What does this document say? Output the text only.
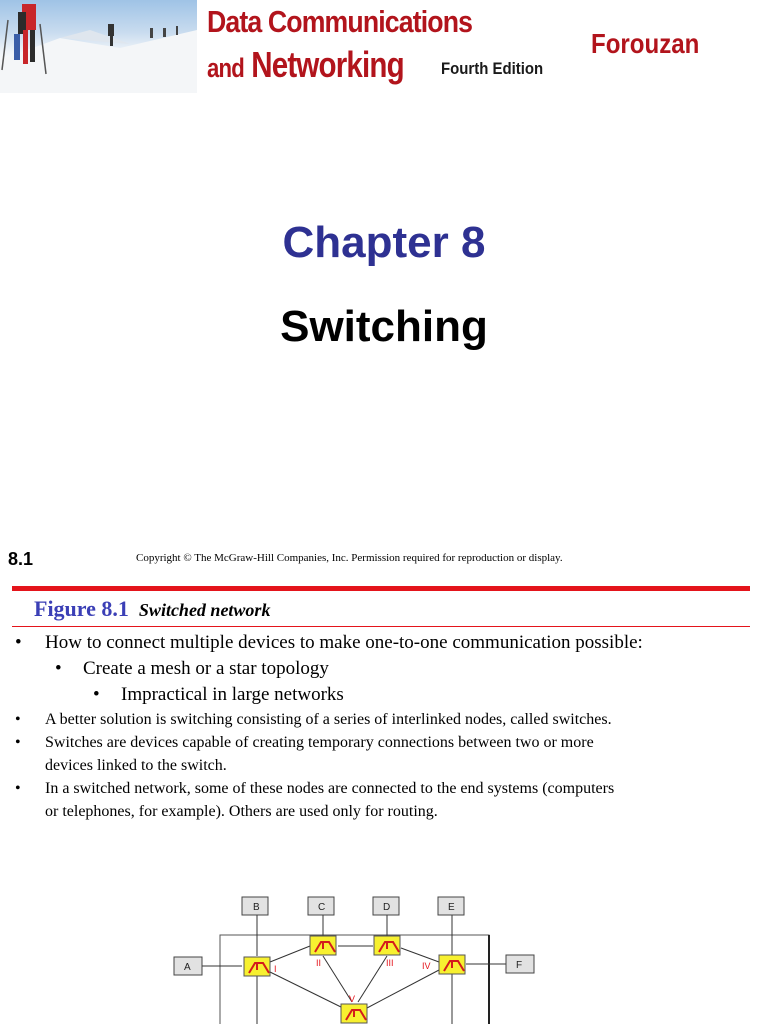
Data Communications
and Networking Fourth Edition
Forouzan
Chapter 8
Switching
8.1	Copyright © The McGraw-Hill Companies, Inc. Permission required for reproduction or display.
Figure 8.1 Switched network
• How to connect multiple devices to make one-to-one communication possible:
• Create a mesh or a star topology
• Impractical in large networks
• A better solution is switching consisting of a series of interlinked nodes, called switches.
• Switches are devices capable of creating temporary connections between two or more
devices linked to the switch.
• In a switched network, some of these nodes are connected to the end systems (computers
or telephones, for example). Others are used only for routing.
B	C	D	E
A	F
I
II	III	IV
V
